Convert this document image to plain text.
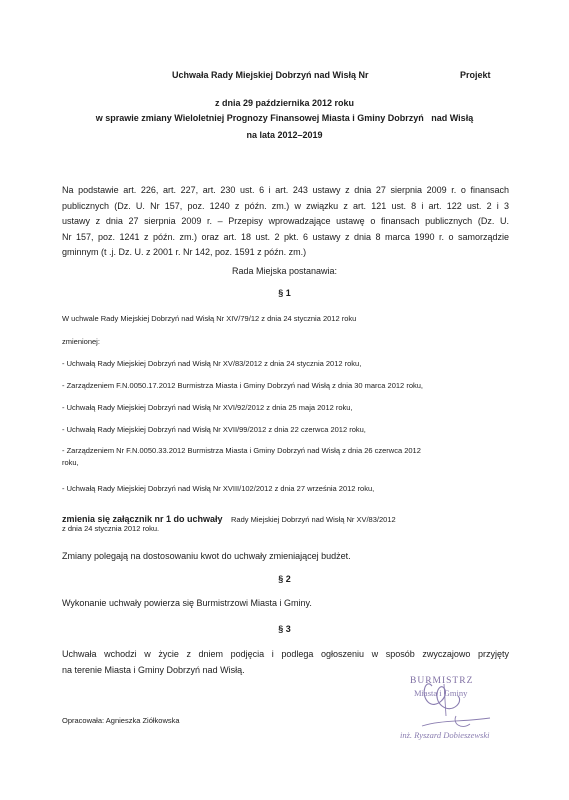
Uchwała Rady Miejskiej Dobrzyń nad Wisłą Nr	Projekt
z dnia 29 października 2012 roku
w sprawie zmiany Wieloletniej Prognozy Finansowej Miasta i Gminy Dobrzyń   nad Wisłą
na lata 2012–2019
Na podstawie art. 226, art. 227, art. 230 ust. 6 i art. 243 ustawy z dnia 27 sierpnia 2009 r. o finansach
publicznych (Dz. U. Nr 157, poz. 1240 z późn. zm.) w związku z art. 121 ust. 8 i art. 122 ust. 2 i 3
ustawy z dnia 27 sierpnia 2009 r. – Przepisy wprowadzające ustawę o finansach publicznych (Dz. U.
Nr 157, poz. 1241 z późn. zm.) oraz art. 18 ust. 2 pkt. 6 ustawy z dnia 8 marca 1990 r. o samorządzie
gminnym (t .j. Dz. U. z 2001 r. Nr 142, poz. 1591 z późn. zm.)
Rada Miejska postanawia:
§ 1
W uchwale Rady Miejskiej Dobrzyń nad Wisłą Nr XIV/79/12 z dnia 24 stycznia 2012 roku
zmienionej:
- Uchwałą Rady Miejskiej Dobrzyń nad Wisłą Nr XV/83/2012 z dnia 24 stycznia 2012 roku,
- Zarządzeniem F.N.0050.17.2012 Burmistrza Miasta i Gminy Dobrzyń nad Wisłą z dnia 30 marca 2012 roku,
- Uchwałą Rady Miejskiej Dobrzyń nad Wisłą Nr XVI/92/2012 z dnia 25 maja 2012 roku,
- Uchwałą Rady Miejskiej Dobrzyń nad Wisłą Nr XVII/99/2012 z dnia 22 czerwca 2012 roku,
- Zarządzeniem Nr F.N.0050.33.2012 Burmistrza Miasta i Gminy Dobrzyń nad Wisłą z dnia 26 czerwca 2012
roku,
- Uchwałą Rady Miejskiej Dobrzyń nad Wisłą Nr XVIII/102/2012 z dnia 27 września 2012 roku,
zmienia się załącznik nr 1 do uchwały Rady Miejskiej Dobrzyń nad Wisłą Nr XV/83/2012
z dnia 24 stycznia 2012 roku.
Zmiany polegają na dostosowaniu kwot do uchwały zmieniającej budżet.
§ 2
Wykonanie uchwały powierza się Burmistrzowi Miasta i Gminy.
§ 3
Uchwała wchodzi w życie z dniem podjęcia i podlega ogłoszeniu w sposób zwyczajowo przyjęty
na terenie Miasta i Gminy Dobrzyń nad Wisłą.
Opracowała: Agnieszka Ziółkowska
BURMISTRZ
Miasta i Gminy
inż. Ryszard Dobieszewski
